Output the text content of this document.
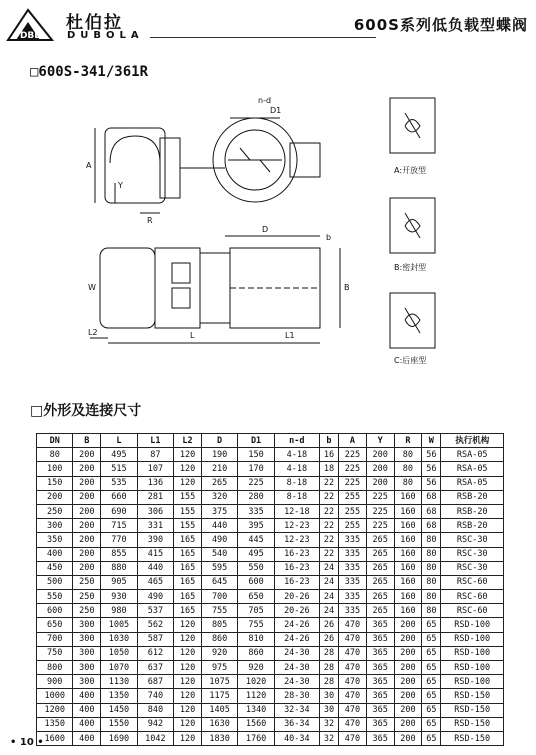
DBL
杜伯拉
DUBOLA
600S系列低负载型蝶阀
□600S-341/361R
A
Y
R
W
L	L1
L2
D
D1
n-d
b
B
A:开放型
B:密封型
C:后座型
□外形及连接尺寸
DN	B	L	L1	L2	D	D1	n-d	b	A	Y	R	W	执行机构
80	200	495	87	120	190	150	4-18	16	225	200	80	56	RSA-05
100	200	515	107	120	210	170	4-18	18	225	200	80	56	RSA-05
150	200	535	136	120	265	225	8-18	22	225	200	80	56	RSA-05
200	200	660	281	155	320	280	8-18	22	255	225	160	68	RSB-20
250	200	690	306	155	375	335	12-18	22	255	225	160	68	RSB-20
300	200	715	331	155	440	395	12-23	22	255	225	160	68	RSB-20
350	200	770	390	165	490	445	12-23	22	335	265	160	80	RSC-30
400	200	855	415	165	540	495	16-23	22	335	265	160	80	RSC-30
450	200	880	440	165	595	550	16-23	24	335	265	160	80	RSC-30
500	250	905	465	165	645	600	16-23	24	335	265	160	80	RSC-60
550	250	930	490	165	700	650	20-26	24	335	265	160	80	RSC-60
600	250	980	537	165	755	705	20-26	24	335	265	160	80	RSC-60
650	300	1005	562	120	805	755	24-26	26	470	365	200	65	RSD-100
700	300	1030	587	120	860	810	24-26	26	470	365	200	65	RSD-100
750	300	1050	612	120	920	860	24-30	28	470	365	200	65	RSD-100
800	300	1070	637	120	975	920	24-30	28	470	365	200	65	RSD-100
900	300	1130	687	120	1075	1020	24-30	28	470	365	200	65	RSD-100
1000	400	1350	740	120	1175	1120	28-30	30	470	365	200	65	RSD-150
1200	400	1450	840	120	1405	1340	32-34	30	470	365	200	65	RSD-150
1350	400	1550	942	120	1630	1560	36-34	32	470	365	200	65	RSD-150
1600	400	1690	1042	120	1830	1760	40-34	32	470	365	200	65	RSD-150
• 10 •
